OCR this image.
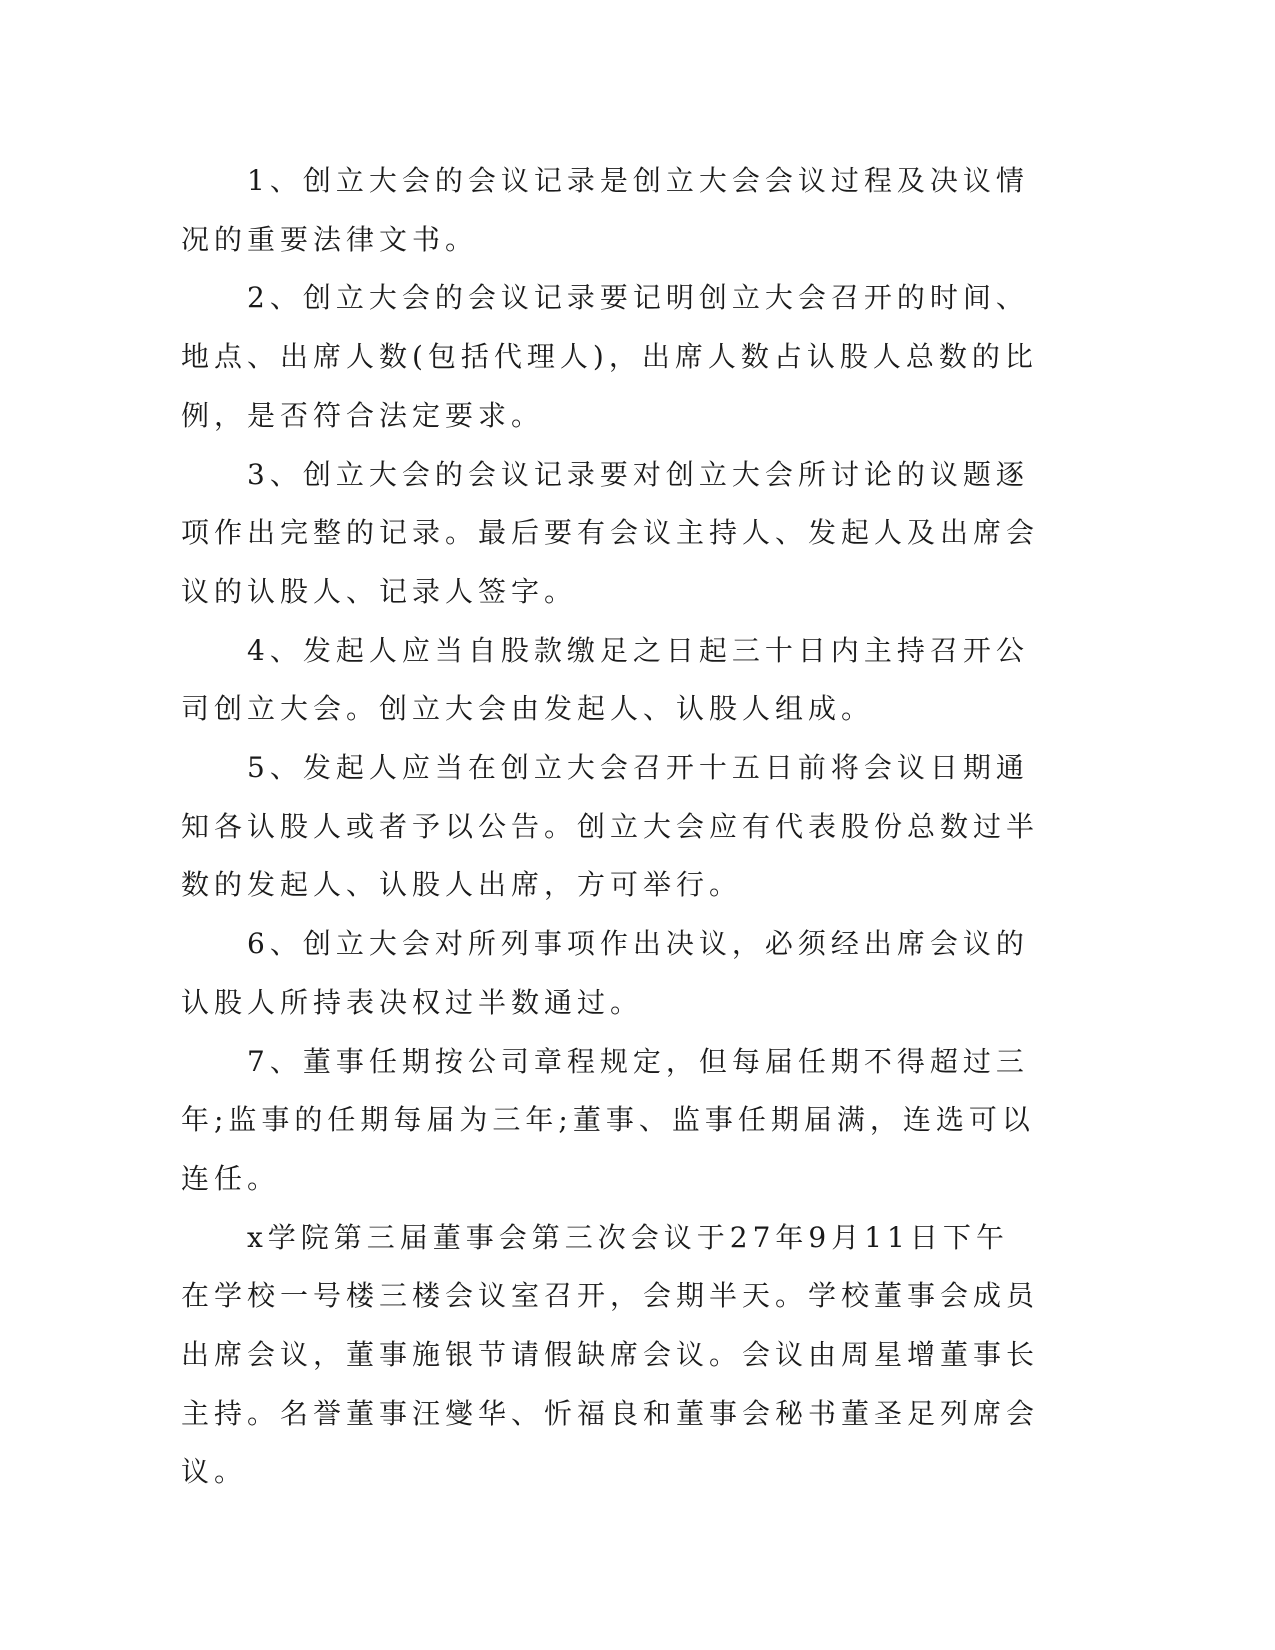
1、创立大会的会议记录是创立大会会议过程及决议情况的重要法律文书。

2、创立大会的会议记录要记明创立大会召开的时间、地点、出席人数(包括代理人)，出席人数占认股人总数的比例，是否符合法定要求。

3、创立大会的会议记录要对创立大会所讨论的议题逐项作出完整的记录。最后要有会议主持人、发起人及出席会议的认股人、记录人签字。

4、发起人应当自股款缴足之日起三十日内主持召开公司创立大会。创立大会由发起人、认股人组成。

5、发起人应当在创立大会召开十五日前将会议日期通知各认股人或者予以公告。创立大会应有代表股份总数过半数的发起人、认股人出席，方可举行。

6、创立大会对所列事项作出决议，必须经出席会议的认股人所持表决权过半数通过。

7、董事任期按公司章程规定，但每届任期不得超过三年;监事的任期每届为三年;董事、监事任期届满，连选可以连任。

x学院第三届董事会第三次会议于27年9月11日下午在学校一号楼三楼会议室召开，会期半天。学校董事会成员出席会议，董事施银节请假缺席会议。会议由周星增董事长主持。名誉董事汪燮华、忻福良和董事会秘书董圣足列席会议。
